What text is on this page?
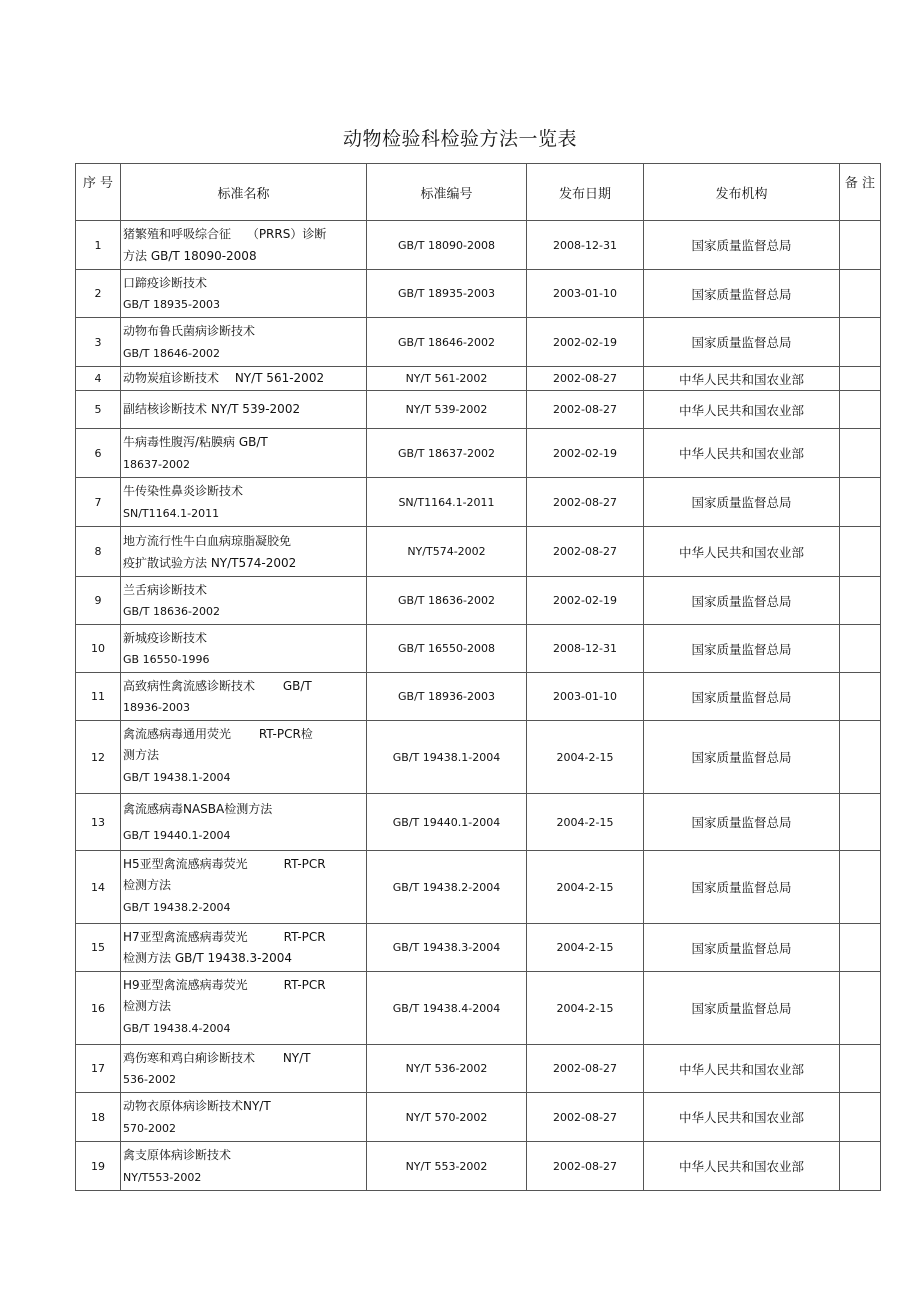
动物检验科检验方法一览表
序 号	标准名称	标准编号	发布日期	发布机构	备 注
1	猪繁殖和呼吸综合征　 （PRRS）诊断
方法 GB/T 18090-2008	GB/T 18090-2008	2008-12-31	国家质量监督总局	
2	口蹄疫诊断技术
GB/T 18935-2003	GB/T 18935-2003	2003-01-10	国家质量监督总局	
3	动物布鲁氏菌病诊断技术
GB/T 18646-2002	GB/T 18646-2002	2002-02-19	国家质量监督总局	
4	动物炭疽诊断技术　 NY/T 561-2002	NY/T 561-2002	2002-08-27	中华人民共和国农业部	
5	副结核诊断技术 NY/T 539-2002	NY/T 539-2002	2002-08-27	中华人民共和国农业部	
6	牛病毒性腹泻/粘膜病 GB/T
18637-2002	GB/T 18637-2002	2002-02-19	中华人民共和国农业部	
7	牛传染性鼻炎诊断技术
SN/T1164.1-2011	SN/T1164.1-2011	2002-08-27	国家质量监督总局	
8	地方流行性牛白血病琼脂凝胶免
疫扩散试验方法 NY/T574-2002	NY/T574-2002	2002-08-27	中华人民共和国农业部	
9	兰舌病诊断技术
GB/T 18636-2002	GB/T 18636-2002	2002-02-19	国家质量监督总局	
10	新城疫诊断技术
GB 16550-1996	GB/T 16550-2008	2008-12-31	国家质量监督总局	
11	高致病性禽流感诊断技术　　 GB/T
18936-2003	GB/T 18936-2003	2003-01-10	国家质量监督总局	
12	禽流感病毒通用荧光　　 RT-PCR检
测方法
GB/T 19438.1-2004	GB/T 19438.1-2004	2004-2-15	国家质量监督总局	
13	禽流感病毒NASBA检测方法
GB/T 19440.1-2004	GB/T 19440.1-2004	2004-2-15	国家质量监督总局	
14	H5亚型禽流感病毒荧光　　　RT-PCR
检测方法
GB/T 19438.2-2004	GB/T 19438.2-2004	2004-2-15	国家质量监督总局	
15	H7亚型禽流感病毒荧光　　　RT-PCR
检测方法 GB/T 19438.3-2004	GB/T 19438.3-2004	2004-2-15	国家质量监督总局	
16	H9亚型禽流感病毒荧光　　　RT-PCR
检测方法
GB/T 19438.4-2004	GB/T 19438.4-2004	2004-2-15	国家质量监督总局	
17	鸡伤寒和鸡白痢诊断技术　　 NY/T
536-2002	NY/T 536-2002	2002-08-27	中华人民共和国农业部	
18	动物衣原体病诊断技术NY/T
570-2002	NY/T 570-2002	2002-08-27	中华人民共和国农业部	
19	禽支原体病诊断技术
NY/T553-2002	NY/T 553-2002	2002-08-27	中华人民共和国农业部	
